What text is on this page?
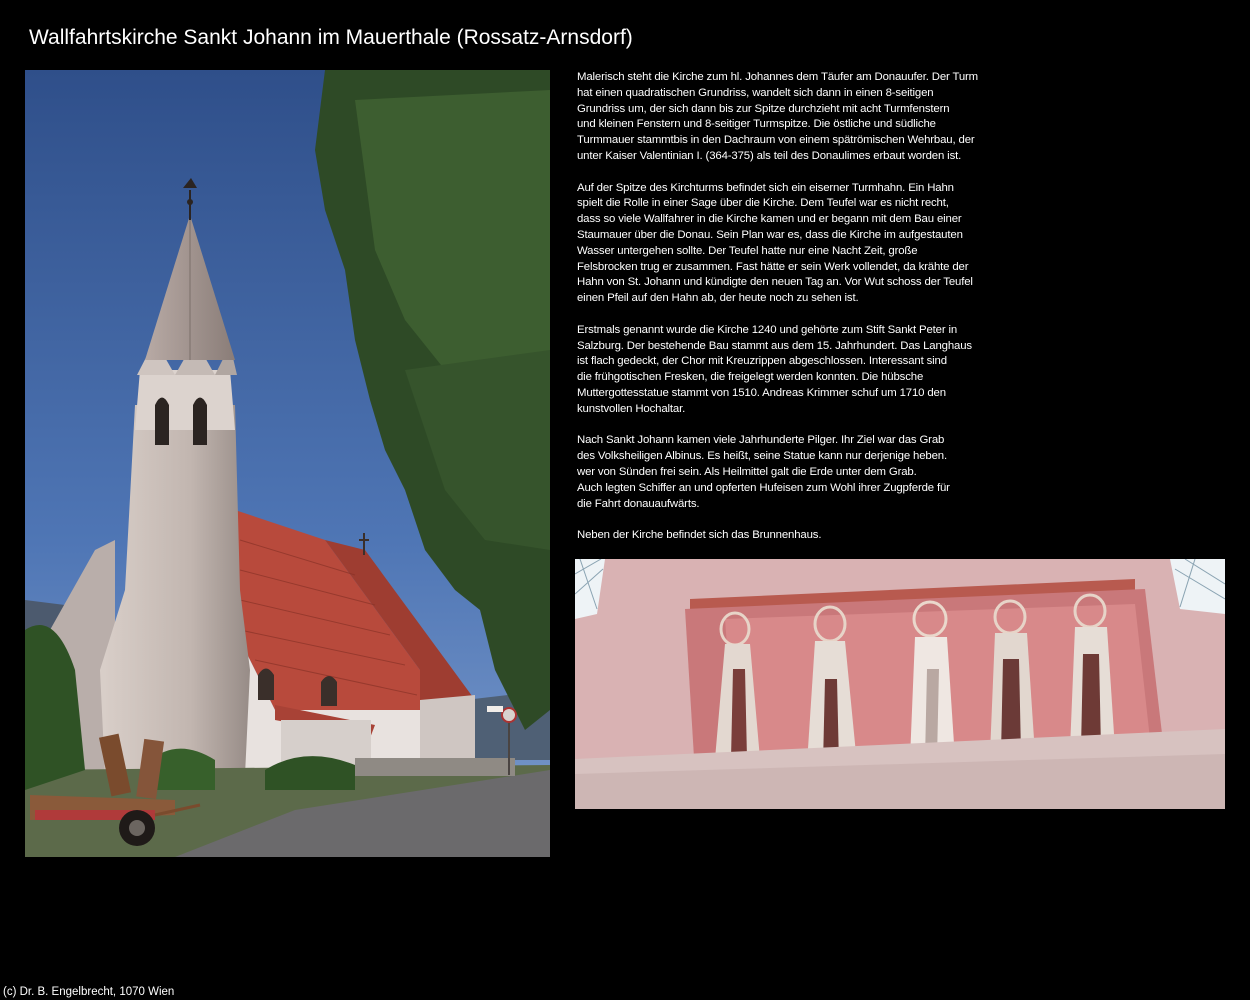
Wallfahrtskirche Sankt Johann im Mauerthale (Rossatz-Arnsdorf)

Malerisch steht die Kirche zum hl. Johannes dem Täufer am Donauufer. Der Turm
hat einen quadratischen Grundriss, wandelt sich dann in einen 8-seitigen
Grundriss um, der sich dann bis zur Spitze durchzieht mit acht Turmfenstern
und kleinen Fenstern und 8-seitiger Turmspitze. Die östliche und südliche
Turmmauer stammtbis in den Dachraum von einem spätrömischen Wehrbau, der
unter Kaiser Valentinian I. (364-375) als teil des Donaulimes erbaut worden ist.

Auf der Spitze des Kirchturms befindet sich ein eiserner Turmhahn. Ein Hahn
spielt die Rolle in einer Sage über die Kirche. Dem Teufel war es nicht recht,
dass so viele Wallfahrer in die Kirche kamen und er begann mit dem Bau einer
Staumauer über die Donau. Sein Plan war es, dass die Kirche im aufgestauten
Wasser untergehen sollte. Der Teufel hatte nur eine Nacht Zeit, große
Felsbrocken trug er zusammen. Fast hätte er sein Werk vollendet, da krähte der
Hahn von St. Johann und kündigte den neuen Tag an. Vor Wut schoss der Teufel
einen Pfeil auf den Hahn ab, der heute noch zu sehen ist.

Erstmals genannt wurde die Kirche 1240 und gehörte zum Stift Sankt Peter in
Salzburg. Der bestehende Bau stammt aus dem 15. Jahrhundert. Das Langhaus
ist flach gedeckt, der Chor mit Kreuzrippen abgeschlossen. Interessant sind
die frühgotischen Fresken, die freigelegt werden konnten. Die hübsche
Muttergottesstatue stammt von 1510. Andreas Krimmer schuf um 1710 den
kunstvollen Hochaltar.

Nach Sankt Johann kamen viele Jahrhunderte Pilger. Ihr Ziel war das Grab
des Volksheiligen Albinus. Es heißt, seine Statue kann nur derjenige heben.
wer von Sünden frei sein. Als Heilmittel galt die Erde unter dem Grab.
Auch legten Schiffer an und opferten Hufeisen zum Wohl ihrer Zugpferde für
die Fahrt donauaufwärts.

Neben der Kirche befindet sich das Brunnenhaus.

(c) Dr. B. Engelbrecht, 1070 Wien
